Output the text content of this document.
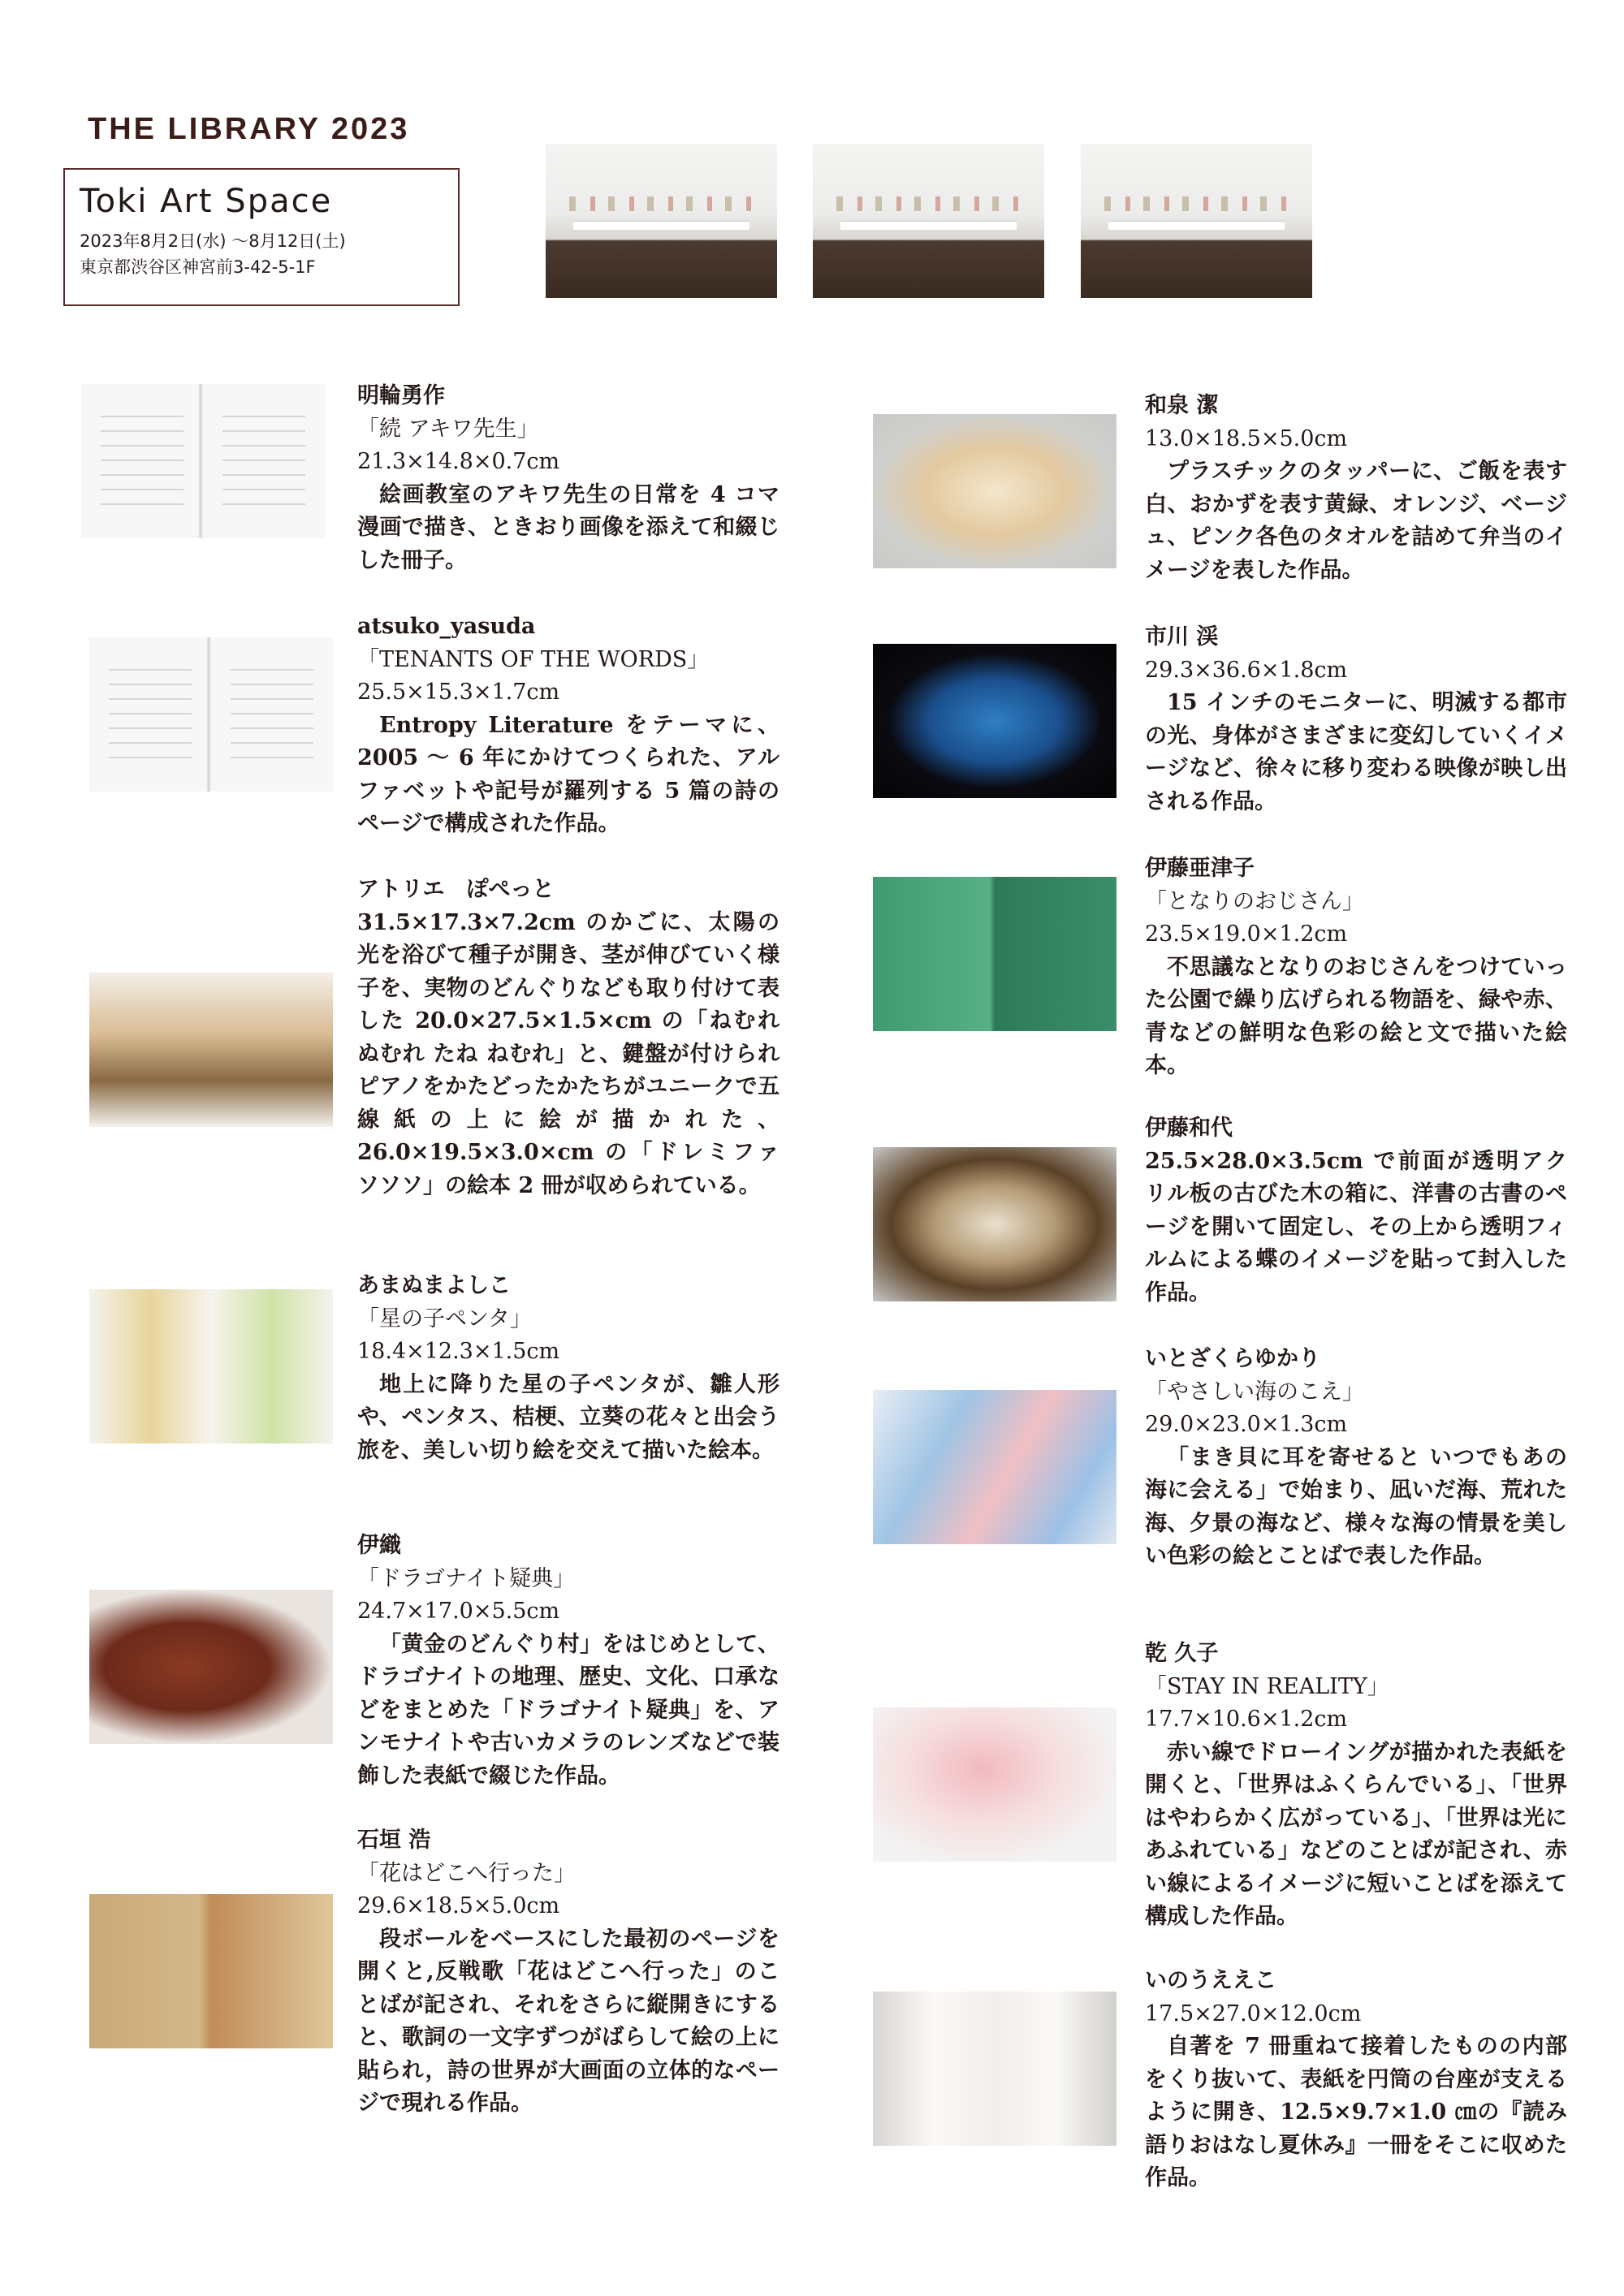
THE LIBRARY 2023
Toki Art Space
2023年8月2日(水) ～8月12日(土)
東京都渋谷区神宮前3-42-5-1F
明輪勇作
「続 アキワ先生」
21.3×14.8×0.7cm
絵画教室のアキワ先生の日常を 4 コマ漫画で描き、ときおり画像を添えて和綴じした冊子。
atsuko_yasuda
「TENANTS OF THE WORDS」
25.5×15.3×1.7cm
Entropy Literature をテーマに、2005 ～ 6 年にかけてつくられた、アルファベットや記号が羅列する 5 篇の詩のページで構成された作品。
アトリエ　ぽぺっと
31.5×17.3×7.2cm のかごに、太陽の光を浴びて種子が開き、茎が伸びていく様子を、実物のどんぐりなども取り付けて表した 20.0×27.5×1.5×cm の「ねむれ ぬむれ たね ねむれ」と、鍵盤が付けられピアノをかたどったかたちがユニークで五線紙の上に絵が描かれた、26.0×19.5×3.0×cm の「ドレミファ ソソソ」の絵本 2 冊が収められている。
あまぬまよしこ
「星の子ペンタ」
18.4×12.3×1.5cm
地上に降りた星の子ペンタが、雛人形や、ペンタス、桔梗、立葵の花々と出会う旅を、美しい切り絵を交えて描いた絵本。
伊織
「ドラゴナイト疑典」
24.7×17.0×5.5cm
「黄金のどんぐり村」をはじめとして、ドラゴナイトの地理、歴史、文化、口承などをまとめた「ドラゴナイト疑典」を、アンモナイトや古いカメラのレンズなどで装飾した表紙で綴じた作品。
石垣 浩
「花はどこへ行った」
29.6×18.5×5.0cm
段ボールをベースにした最初のページを開くと,反戦歌「花はどこへ行った」のことばが記され、それをさらに縦開きにすると、歌詞の一文字ずつがばらして絵の上に貼られ，詩の世界が大画面の立体的なページで現れる作品。
和泉 潔
13.0×18.5×5.0cm
プラスチックのタッパーに、ご飯を表す白、おかずを表す黄緑、オレンジ、ベージュ、ピンク各色のタオルを詰めて弁当のイメージを表した作品。
市川 渓
29.3×36.6×1.8cm
15 インチのモニターに、明滅する都市の光、身体がさまざまに変幻していくイメージなど、徐々に移り変わる映像が映し出される作品。
伊藤亜津子
「となりのおじさん」
23.5×19.0×1.2cm
不思議なとなりのおじさんをつけていった公園で繰り広げられる物語を、緑や赤、青などの鮮明な色彩の絵と文で描いた絵本。
伊藤和代
25.5×28.0×3.5cm で前面が透明アクリル板の古びた木の箱に、洋書の古書のページを開いて固定し、その上から透明フィルムによる蝶のイメージを貼って封入した作品。
いとざくらゆかり
「やさしい海のこえ」
29.0×23.0×1.3cm
「まき貝に耳を寄せると いつでもあの海に会える」で始まり、凪いだ海、荒れた海、夕景の海など、様々な海の情景を美しい色彩の絵とことばで表した作品。
乾 久子
「STAY IN REALITY」
17.7×10.6×1.2cm
赤い線でドローイングが描かれた表紙を開くと、「世界はふくらんでいる」、「世界はやわらかく広がっている」、「世界は光にあふれている」などのことばが記され、赤い線によるイメージに短いことばを添えて構成した作品。
いのうええこ
17.5×27.0×12.0cm
自著を 7 冊重ねて接着したものの内部をくり抜いて、表紙を円筒の台座が支えるように開き、12.5×9.7×1.0 ㎝の『読み語りおはなし夏休み』一冊をそこに収めた作品。
